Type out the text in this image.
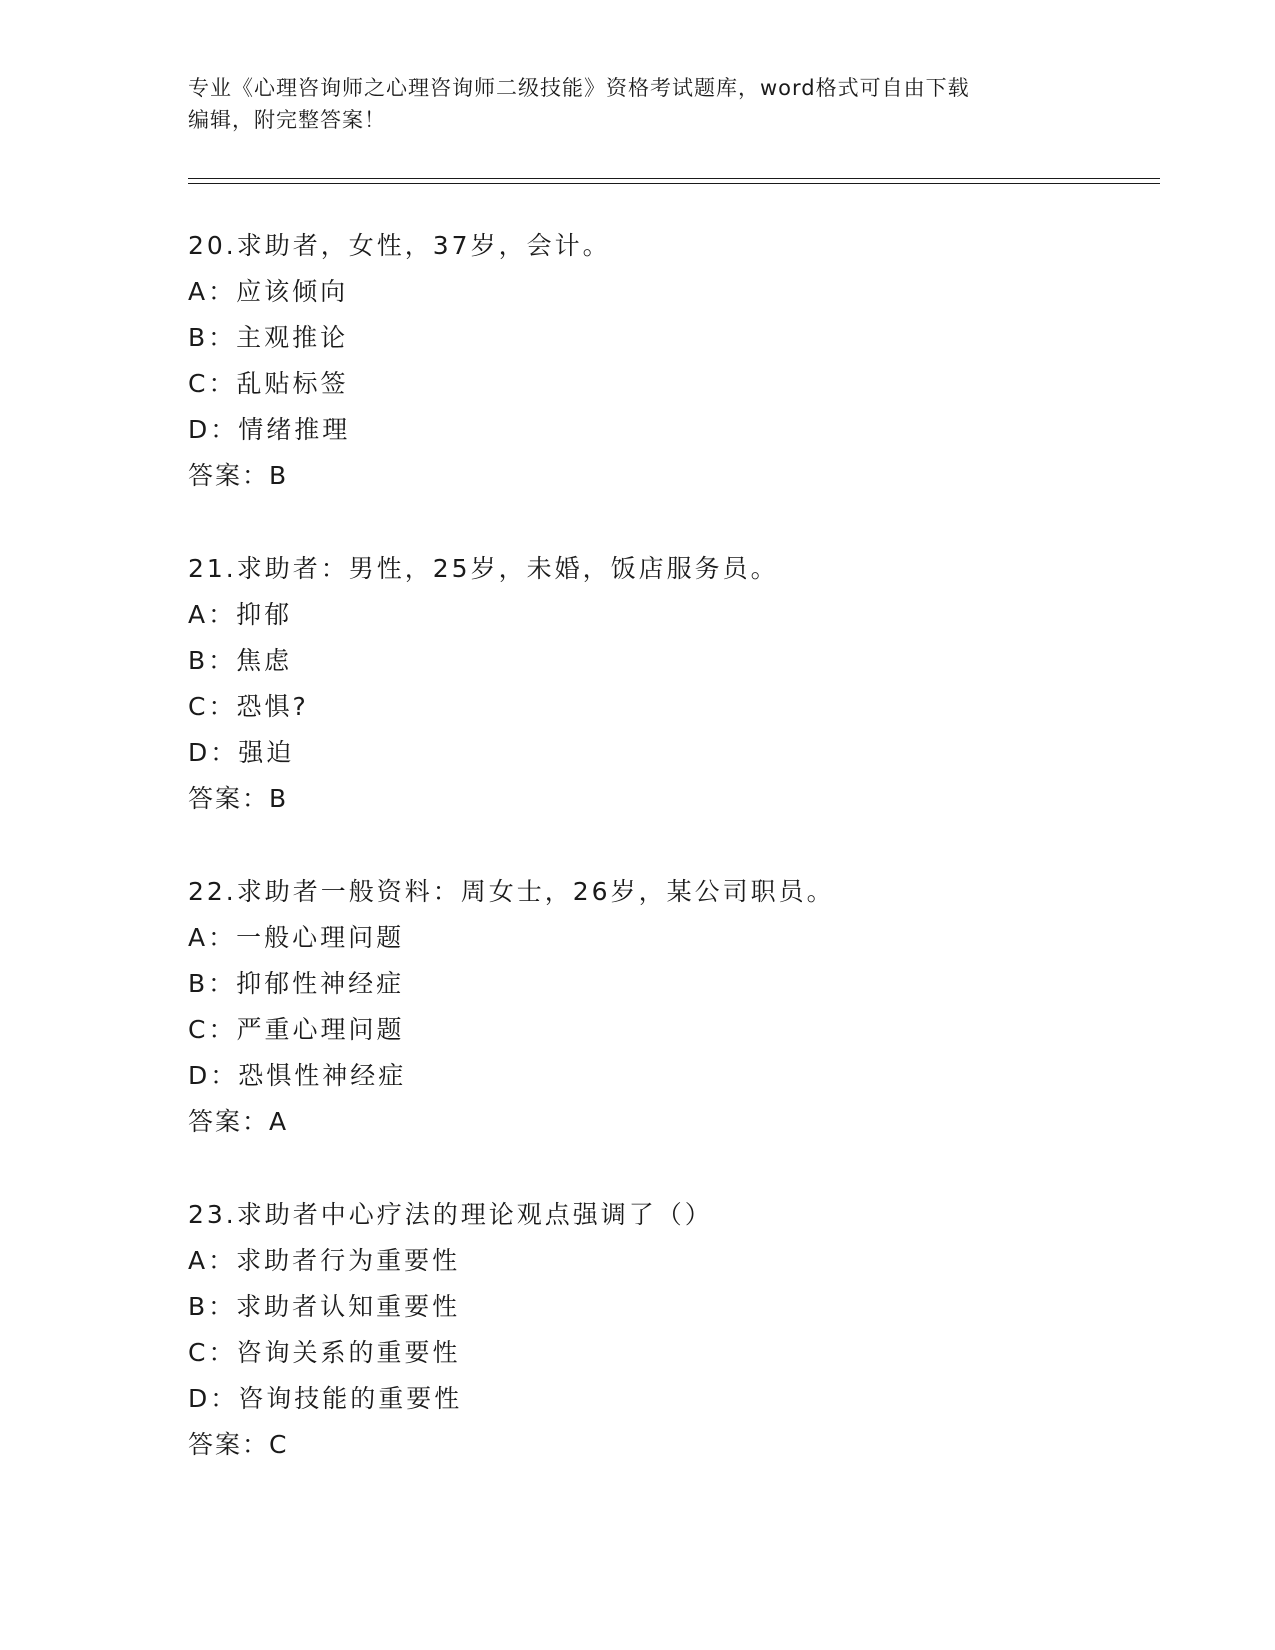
专业《心理咨询师之心理咨询师二级技能》资格考试题库，word格式可自由下载
编辑，附完整答案！
20.求助者，女性，37岁，会计。
A：应该倾向
B：主观推论
C：乱贴标签
D：情绪推理
答案：B
21.求助者：男性，25岁，未婚，饭店服务员。
A：抑郁
B：焦虑
C：恐惧?
D：强迫
答案：B
22.求助者一般资料：周女士，26岁，某公司职员。
A：一般心理问题
B：抑郁性神经症
C：严重心理问题
D：恐惧性神经症
答案：A
23.求助者中心疗法的理论观点强调了（）
A：求助者行为重要性
B：求助者认知重要性
C：咨询关系的重要性
D：咨询技能的重要性
答案：C
